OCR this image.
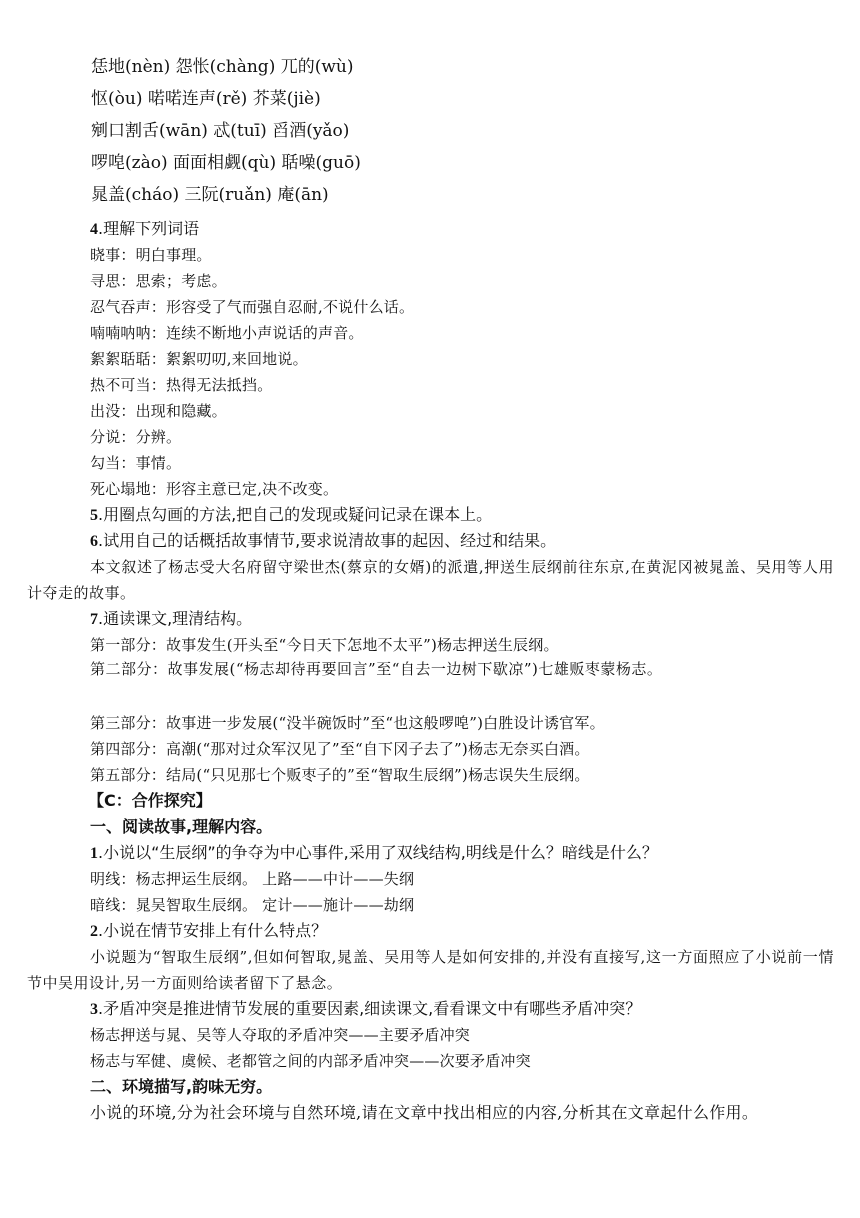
恁地(nèn) 怨怅(chàng) 兀的(wù)
怄(òu) 喏喏连声(rě) 芥菜(jiè)
剜口割舌(wān) 忒(tuī) 舀酒(yǎo)
啰唣(zào) 面面相觑(qù) 聒噪(guō)
晁盖(cháo) 三阮(ruǎn) 庵(ān)
4.理解下列词语
晓事：明白事理。
寻思：思索；考虑。
忍气吞声：形容受了气而强自忍耐,不说什么话。
喃喃呐呐：连续不断地小声说话的声音。
絮絮聒聒：絮絮叨叨,来回地说。
热不可当：热得无法抵挡。
出没：出现和隐藏。
分说：分辨。
勾当：事情。
死心塌地：形容主意已定,决不改变。
5.用圈点勾画的方法,把自己的发现或疑问记录在课本上。
6.试用自己的话概括故事情节,要求说清故事的起因、经过和结果。
本文叙述了杨志受大名府留守梁世杰(蔡京的女婿)的派遣,押送生辰纲前往东京,在黄泥冈被晁盖、吴用等人用计夺走的故事。
7.通读课文,理清结构。
第一部分：故事发生(开头至“今日天下怎地不太平”)杨志押送生辰纲。
第二部分：故事发展(“杨志却待再要回言”至“自去一边树下歇凉”)七雄贩枣蒙杨志。
第三部分：故事进一步发展(“没半碗饭时”至“也这般啰唣”)白胜设计诱官军。
第四部分：高潮(“那对过众军汉见了”至“自下冈子去了”)杨志无奈买白酒。
第五部分：结局(“只见那七个贩枣子的”至“智取生辰纲”)杨志误失生辰纲。
【C：合作探究】
一、阅读故事,理解内容。
1.小说以“生辰纲”的争夺为中心事件,采用了双线结构,明线是什么？暗线是什么？
明线：杨志押运生辰纲。 上路——中计——失纲
暗线：晁吴智取生辰纲。 定计——施计——劫纲
2.小说在情节安排上有什么特点？
小说题为“智取生辰纲”,但如何智取,晁盖、吴用等人是如何安排的,并没有直接写,这一方面照应了小说前一情节中吴用设计,另一方面则给读者留下了悬念。
3.矛盾冲突是推进情节发展的重要因素,细读课文,看看课文中有哪些矛盾冲突？
杨志押送与晁、吴等人夺取的矛盾冲突——主要矛盾冲突
杨志与军健、虞候、老都管之间的内部矛盾冲突——次要矛盾冲突
二、环境描写,韵味无穷。
小说的环境,分为社会环境与自然环境,请在文章中找出相应的内容,分析其在文章起什么作用。
